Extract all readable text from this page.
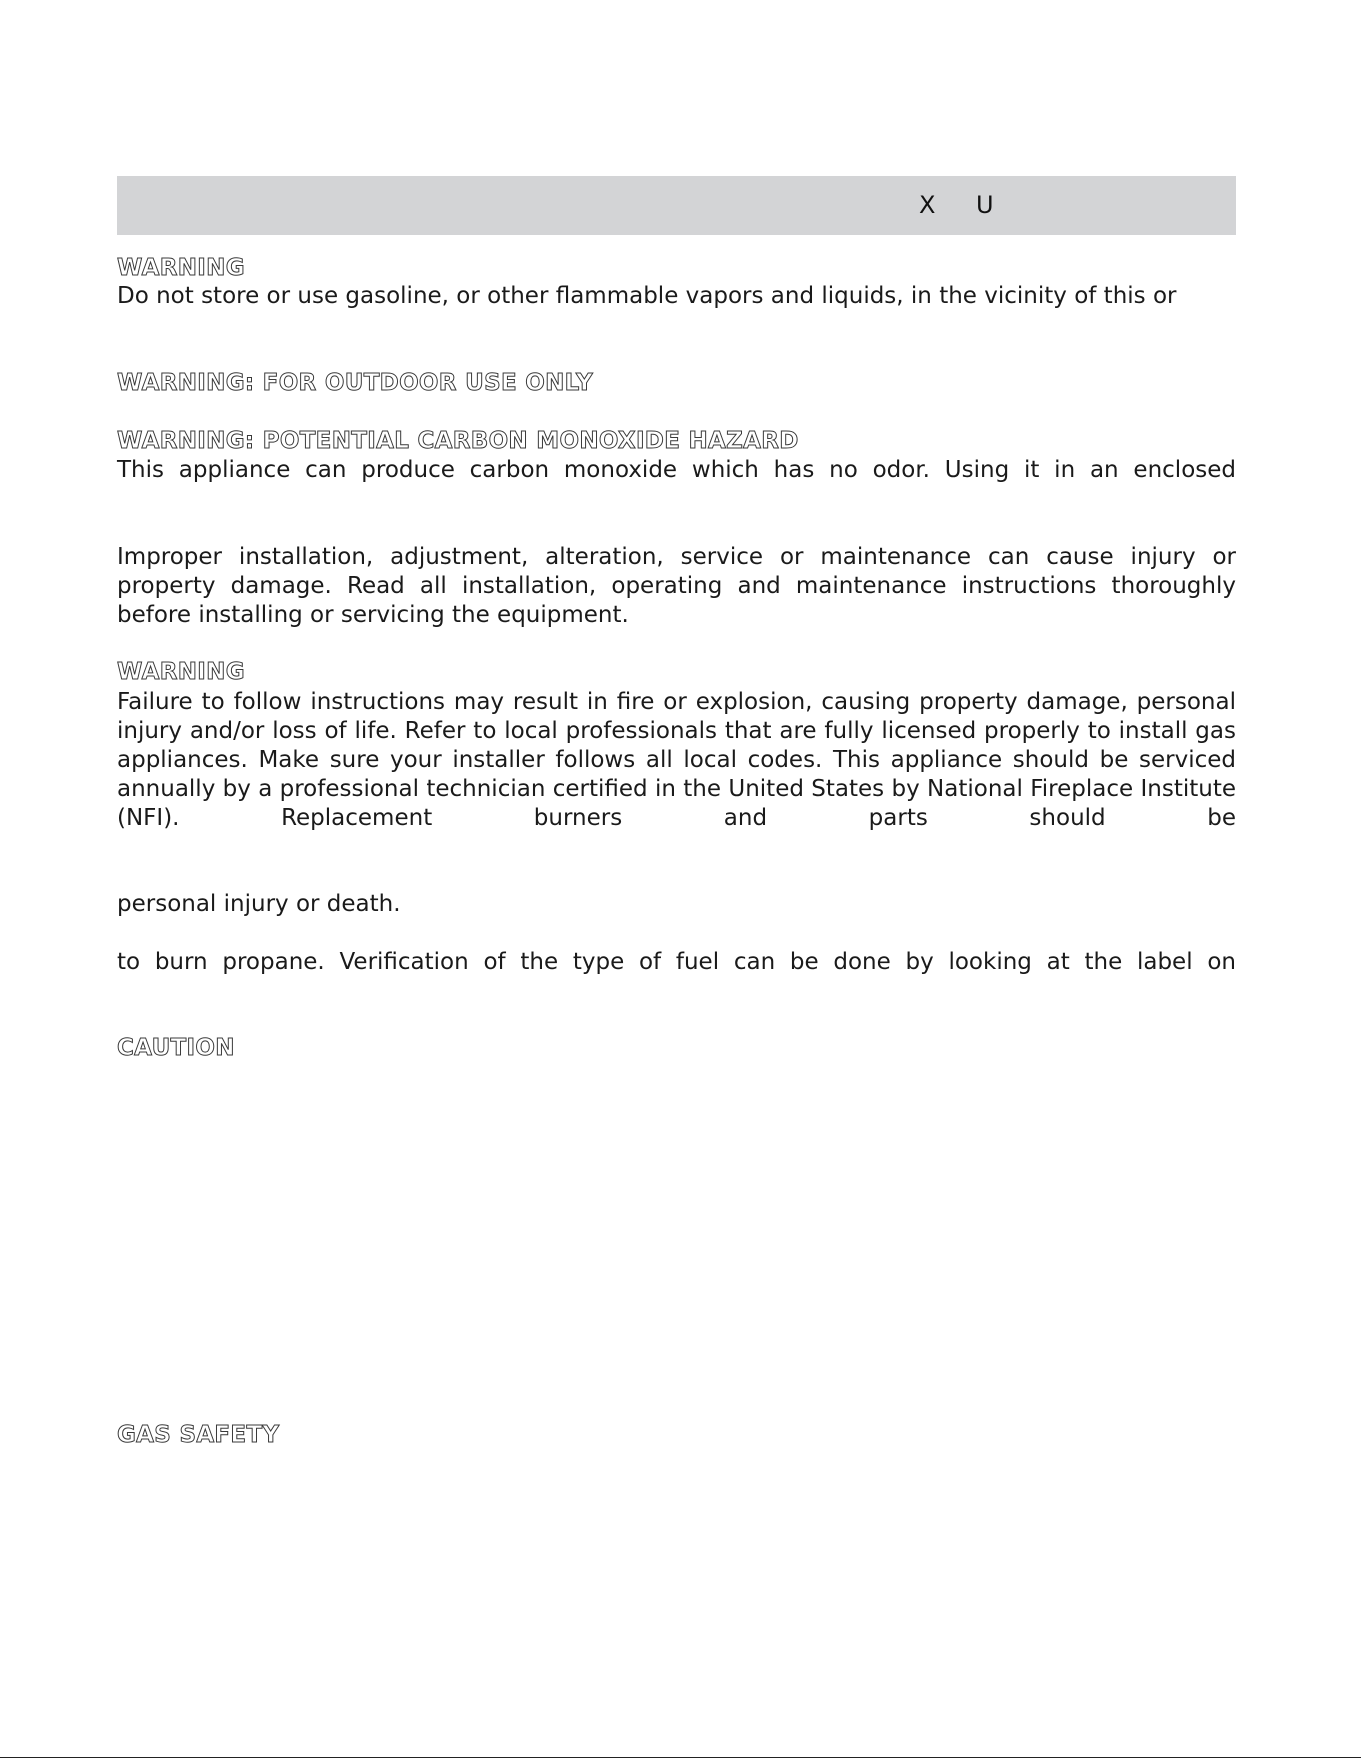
X U
WARNING
Do not store or use gasoline, or other flammable vapors and liquids, in the vicinity of this or
WARNING: FOR OUTDOOR USE ONLY
WARNING: POTENTIAL CARBON MONOXIDE HAZARD
This appliance can produce carbon monoxide which has no odor. Using it in an enclosed
Improper installation, adjustment, alteration, service or maintenance can cause injury or property damage. Read all installation, operating and maintenance instructions thoroughly before installing or servicing the equipment.
WARNING
Failure to follow instructions may result in fire or explosion, causing property damage, personal injury and/or loss of life. Refer to local professionals that are fully licensed properly to install gas appliances. Make sure your installer follows all local codes. This appliance should be serviced annually by a professional technician certified in the United States by National Fireplace Institute (NFI). Replacement burners and parts should be
personal injury or death.
to burn propane. Verification of the type of fuel can be done by looking at the label on
CAUTION
GAS SAFETY
